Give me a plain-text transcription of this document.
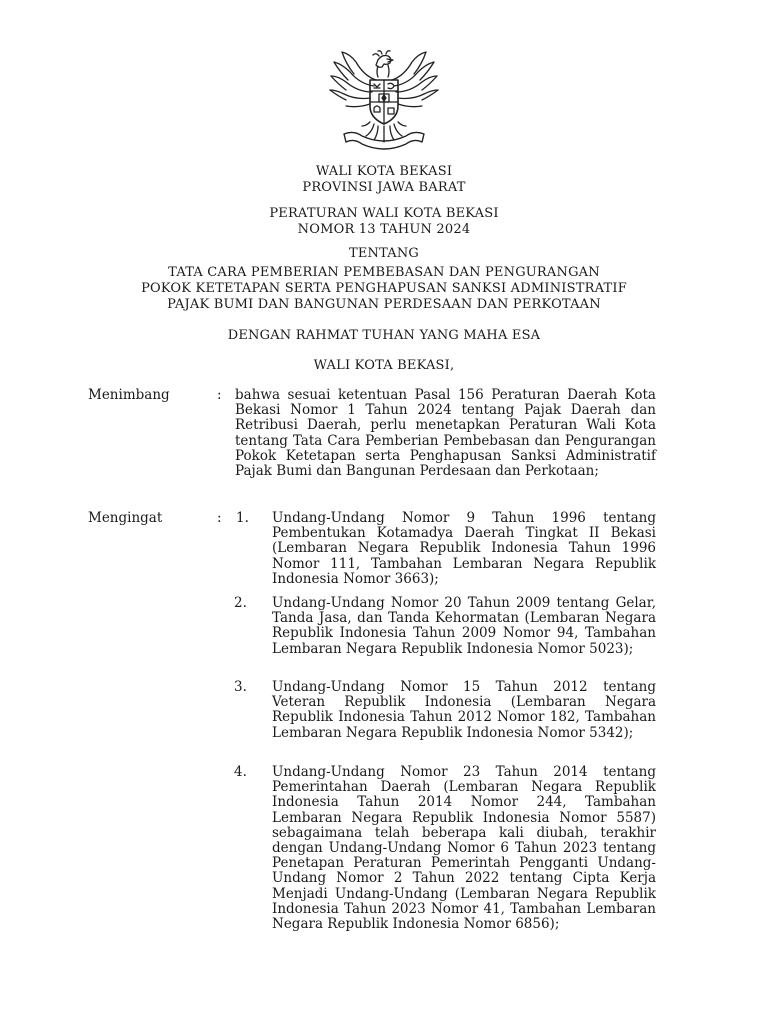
WALI KOTA BEKASI
PROVINSI JAWA BARAT
PERATURAN WALI KOTA BEKASI
NOMOR 13 TAHUN 2024
TENTANG
TATA CARA PEMBERIAN PEMBEBASAN DAN PENGURANGAN
POKOK KETETAPAN SERTA PENGHAPUSAN SANKSI ADMINISTRATIF
PAJAK BUMI DAN BANGUNAN PERDESAAN DAN PERKOTAAN
DENGAN RAHMAT TUHAN YANG MAHA ESA
WALI KOTA BEKASI,
Menimbang	: bahwa sesuai ketentuan Pasal 156 Peraturan Daerah Kota Bekasi Nomor 1 Tahun 2024 tentang Pajak Daerah dan Retribusi Daerah, perlu menetapkan Peraturan Wali Kota tentang Tata Cara Pemberian Pembebasan dan Pengurangan Pokok Ketetapan serta Penghapusan Sanksi Administratif Pajak Bumi dan Bangunan Perdesaan dan Perkotaan;
Mengingat	: 1. Undang-Undang Nomor 9 Tahun 1996 tentang Pembentukan Kotamadya Daerah Tingkat II Bekasi (Lembaran Negara Republik Indonesia Tahun 1996 Nomor 111, Tambahan Lembaran Negara Republik Indonesia Nomor 3663);
2. Undang-Undang Nomor 20 Tahun 2009 tentang Gelar, Tanda Jasa, dan Tanda Kehormatan (Lembaran Negara Republik Indonesia Tahun 2009 Nomor 94, Tambahan Lembaran Negara Republik Indonesia Nomor 5023);
3. Undang-Undang Nomor 15 Tahun 2012 tentang Veteran Republik Indonesia (Lembaran Negara Republik Indonesia Tahun 2012 Nomor 182, Tambahan Lembaran Negara Republik Indonesia Nomor 5342);
4. Undang-Undang Nomor 23 Tahun 2014 tentang Pemerintahan Daerah (Lembaran Negara Republik Indonesia Tahun 2014 Nomor 244, Tambahan Lembaran Negara Republik Indonesia Nomor 5587) sebagaimana telah beberapa kali diubah, terakhir dengan Undang-Undang Nomor 6 Tahun 2023 tentang Penetapan Peraturan Pemerintah Pengganti Undang-Undang Nomor 2 Tahun 2022 tentang Cipta Kerja Menjadi Undang-Undang (Lembaran Negara Republik Indonesia Tahun 2023 Nomor 41, Tambahan Lembaran Negara Republik Indonesia Nomor 6856);
